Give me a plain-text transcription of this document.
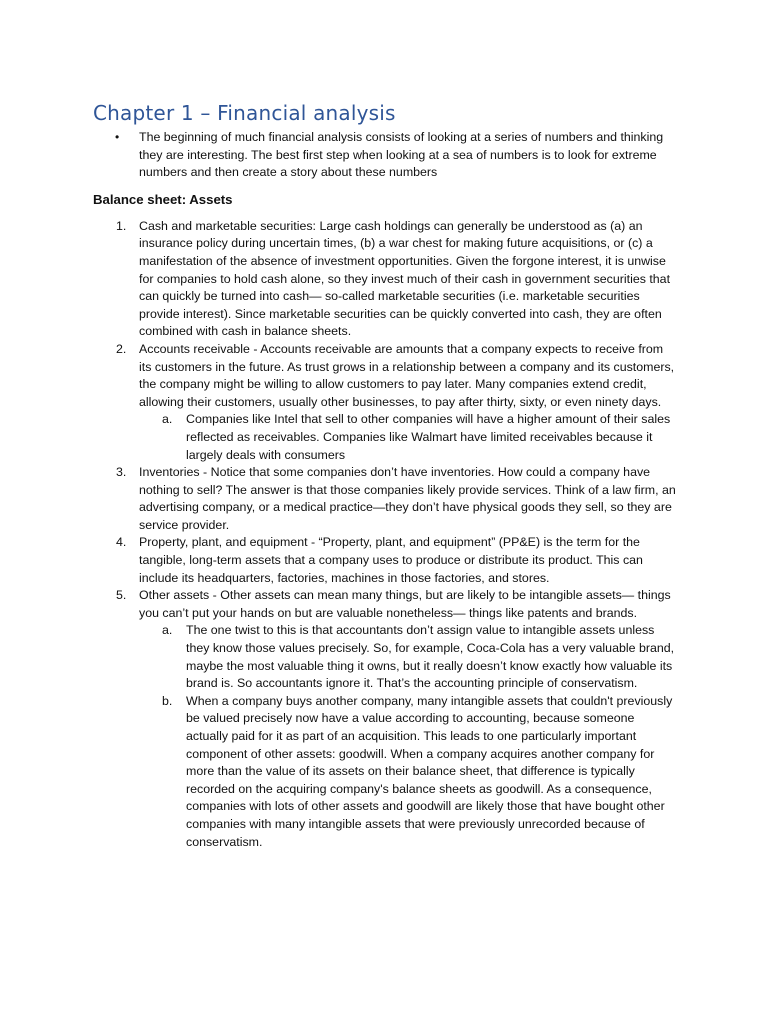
Chapter 1 – Financial analysis
• The beginning of much financial analysis consists of looking at a series of numbers and thinking they are interesting. The best first step when looking at a sea of numbers is to look for extreme numbers and then create a story about these numbers
Balance sheet: Assets
1. Cash and marketable securities: Large cash holdings can generally be understood as (a) an insurance policy during uncertain times, (b) a war chest for making future acquisitions, or (c) a manifestation of the absence of investment opportunities. Given the forgone interest, it is unwise for companies to hold cash alone, so they invest much of their cash in government securities that can quickly be turned into cash— so-called marketable securities (i.e. marketable securities provide interest). Since marketable securities can be quickly converted into cash, they are often combined with cash in balance sheets.
2. Accounts receivable - Accounts receivable are amounts that a company expects to receive from its customers in the future. As trust grows in a relationship between a company and its customers, the company might be willing to allow customers to pay later. Many companies extend credit, allowing their customers, usually other businesses, to pay after thirty, sixty, or even ninety days.
a. Companies like Intel that sell to other companies will have a higher amount of their sales reflected as receivables. Companies like Walmart have limited receivables because it largely deals with consumers
3. Inventories - Notice that some companies don’t have inventories. How could a company have nothing to sell? The answer is that those companies likely provide services. Think of a law firm, an advertising company, or a medical practice—they don’t have physical goods they sell, so they are service provider.
4. Property, plant, and equipment - “Property, plant, and equipment” (PP&E) is the term for the tangible, long-term assets that a company uses to produce or distribute its product. This can include its headquarters, factories, machines in those factories, and stores.
5. Other assets - Other assets can mean many things, but are likely to be intangible assets— things you can’t put your hands on but are valuable nonetheless— things like patents and brands.
a. The one twist to this is that accountants don’t assign value to intangible assets unless they know those values precisely. So, for example, Coca-Cola has a very valuable brand, maybe the most valuable thing it owns, but it really doesn’t know exactly how valuable its brand is. So accountants ignore it. That’s the accounting principle of conservatism.
b. When a company buys another company, many intangible assets that couldn't previously be valued precisely now have a value according to accounting, because someone actually paid for it as part of an acquisition. This leads to one particularly important component of other assets: goodwill. When a company acquires another company for more than the value of its assets on their balance sheet, that difference is typically recorded on the acquiring company's balance sheets as goodwill. As a consequence, companies with lots of other assets and goodwill are likely those that have bought other companies with many intangible assets that were previously unrecorded because of conservatism.
